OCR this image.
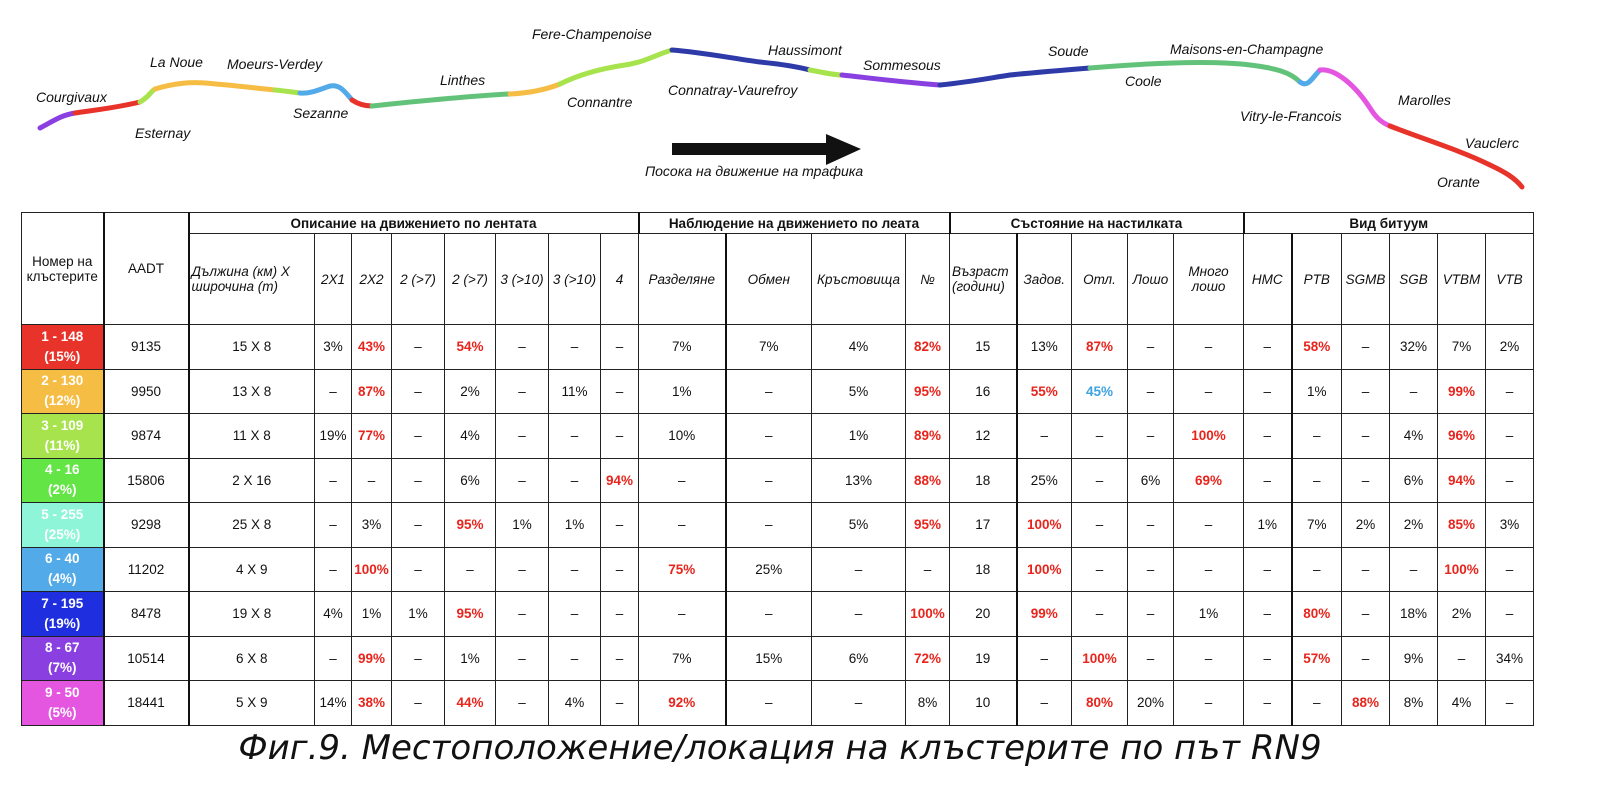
Courgivaux
Esternay
La Noue Moeurs-Verdey
Sezanne
Linthes
Fere-Champenoise
Connantre
Connatray-Vaurefroy
Haussimont
Sommesous
Soude
Coole
Maisons-en-Champagne
Vitry-le-Francois
Marolles
Vauclerc
Orante
Посока на движение на трафика
Номер на клъстерите	AADT	Описание на движението по лентата								Наблюдение на движението по леата				Състояние на настилката					Вид битуум					
		Дължина (км) X широчина (m)	2X1	2X2	2 (>7)	2 (>7)	3 (>10)	3 (>10)	4	Разделяне	Обмен	Кръстовища	№	Възраст (години)	Задов.	Отл.	Лошо	Много лошо	HMC	PTB	SGMB	SGB	VTBM	VTB

1 - 148
(15%)	9135	15 X 8	3%	43%	–	54%	–	–	–	7%	7%	4%	82%	15	13%	87%	–	–	–	58%	–	32%	7%	2%

2 - 130
(12%)	9950	13 X 8	–	87%	–	2%	–	11%	–	1%	–	5%	95%	16	55%	45%	–	–	–	1%	–	–	99%	–

3 - 109
(11%)	9874	11 X 8	19%	77%	–	4%	–	–	–	10%	–	1%	89%	12	–	–	–	100%	–	–	–	4%	96%	–

4 - 16
(2%)	15806	2 X 16	–	–	–	6%	–	–	94%	–	–	13%	88%	18	25%	–	6%	69%	–	–	–	6%	94%	–

5 - 255
(25%)	9298	25 X 8	–	3%	–	95%	1%	1%	–	–	–	5%	95%	17	100%	–	–	–	1%	7%	2%	2%	85%	3%

6 - 40
(4%)	11202	4 X 9	–	100%	–	–	–	–	–	75%	25%	–	–	18	100%	–	–	–	–	–	–	–	100%	–

7 - 195
(19%)	8478	19 X 8	4%	1%	1%	95%	–	–	–	–	–	–	100%	20	99%	–	–	1%	–	80%	–	18%	2%	–

8 - 67
(7%)	10514	6 X 8	–	99%	–	1%	–	–	–	7%	15%	6%	72%	19	–	100%	–	–	–	57%	–	9%	–	34%

9 - 50
(5%)	18441	5 X 9	14%	38%	–	44%	–	4%	–	92%	–	–	8%	10	–	80%	20%	–	–	–	88%	8%	4%	–
Фиг.9. Местоположение/локация на клъстерите по път RN9
